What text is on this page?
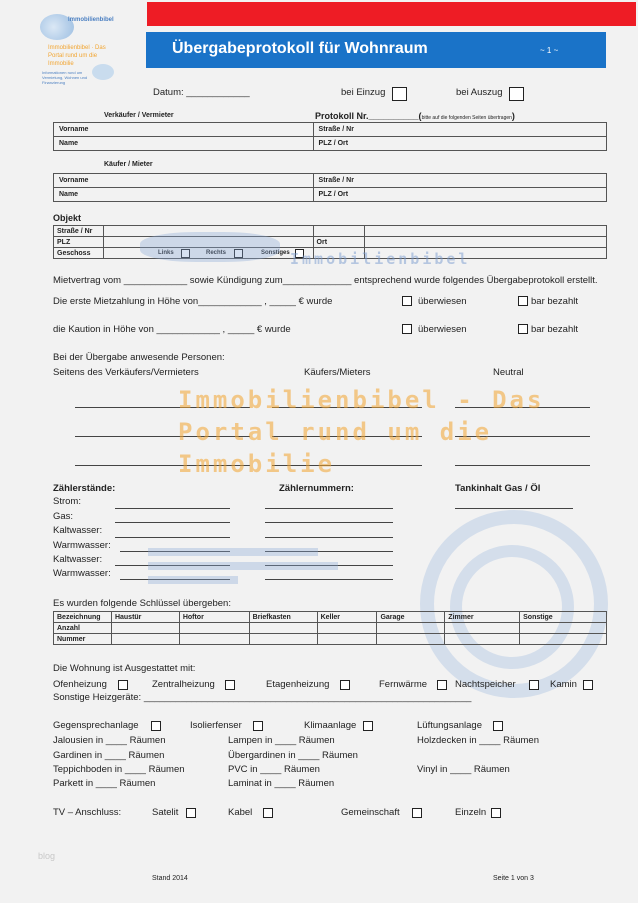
Immobilienbibel
Immobilienbibel · Das
Portal rund um die
Immobilie
Informationen rund um
Vermietung, Wohnen und
Finanzierung
Übergabeprotokoll für Wohnraum	~ 1 ~
Datum: ____________	bei Einzug	bei Auszug
Verkäufer / Vermieter	Protokoll Nr.__________(bitte auf die folgenden Seiten übertragen)
Vorname	Straße / Nr
Name	PLZ / Ort
Käufer / Mieter
Vorname	Straße / Nr
Name	PLZ / Ort
Objekt
Straße / Nr			
PLZ		Ort	
Geschoss				Links	Rechts	Sonstiges Immobilienbibel
Mietvertrag vom ____________ sowie Kündigung zum_____________ entsprechend wurde folgendes Übergabeprotokoll erstellt.
Die erste Mietzahlung in Höhe von____________ , _____ € wurde	überwiesen	bar bezahlt
die Kaution in Höhe von ____________ , _____ € wurde	überwiesen	bar bezahlt
Bei der Übergabe anwesende Personen:
Seitens des Verkäufers/Vermieters	Käufers/Mieters	Neutral
Immobilienbibel - Das
Portal rund um die
Immobilie
Zählerstände:	Zählernummern:	Tankinhalt Gas / Öl
Strom:
Gas:
Kaltwasser:
Warmwasser:
Kaltwasser:
Warmwasser:
Es wurden folgende Schlüssel übergeben:
Bezeichnung	Haustür	Hoftor	Briefkasten	Keller	Garage	Zimmer	Sonstige
Anzahl							
Nummer							
Die Wohnung ist Ausgestattet mit:
Ofenheizung	Zentralheizung	Etagenheizung	Fernwärme	Nachtspeicher	Kamin
Sonstige Heizgeräte: ______________________________________________________________
Gegensprechanlage	Isolierfenser	Klimaanlage	Lüftungsanlage
Jalousien in ____ Räumen	Lampen in ____ Räumen	Holzdecken in ____ Räumen
Gardinen in ____ Räumen	Übergardinen in ____ Räumen
Teppichboden in ____ Räumen	PVC in ____ Räumen	Vinyl in ____ Räumen
Parkett in ____ Räumen	Laminat in ____ Räumen
TV – Anschluss:	Satelit	Kabel	Gemeinschaft	Einzeln
blog
Stand 2014	Seite 1 von 3
